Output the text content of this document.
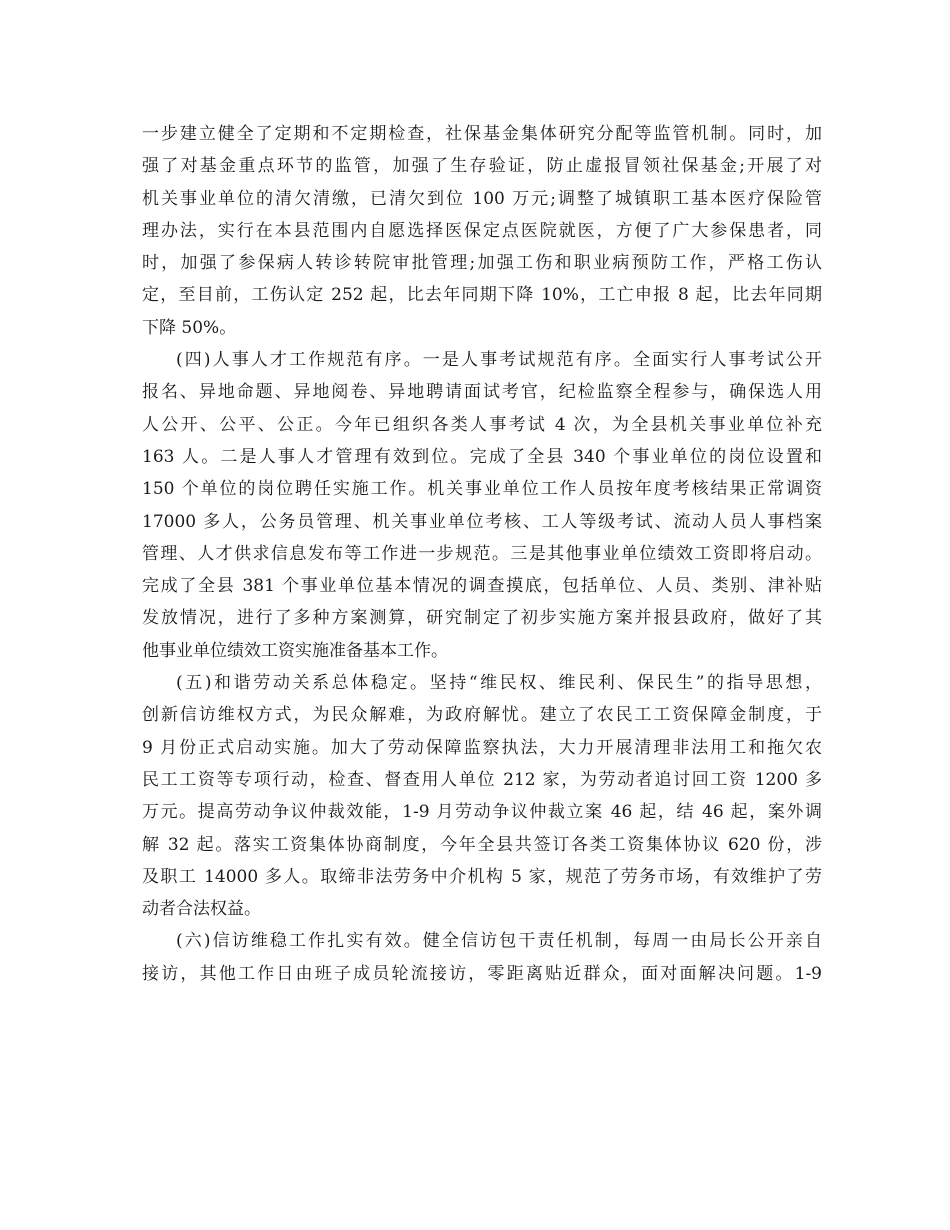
一步建立健全了定期和不定期检查，社保基金集体研究分配等监管机制。同时，加
强了对基金重点环节的监管，加强了生存验证，防止虚报冒领社保基金;开展了对
机关事业单位的清欠清缴，已清欠到位 100 万元;调整了城镇职工基本医疗保险管
理办法，实行在本县范围内自愿选择医保定点医院就医，方便了广大参保患者，同
时，加强了参保病人转诊转院审批管理;加强工伤和职业病预防工作，严格工伤认
定，至目前，工伤认定 252 起，比去年同期下降 10%，工亡申报 8 起，比去年同期
下降 50%。
(四)人事人才工作规范有序。一是人事考试规范有序。全面实行人事考试公开
报名、异地命题、异地阅卷、异地聘请面试考官，纪检监察全程参与，确保选人用
人公开、公平、公正。今年已组织各类人事考试 4 次，为全县机关事业单位补充
163 人。二是人事人才管理有效到位。完成了全县 340 个事业单位的岗位设置和
150 个单位的岗位聘任实施工作。机关事业单位工作人员按年度考核结果正常调资
17000 多人，公务员管理、机关事业单位考核、工人等级考试、流动人员人事档案
管理、人才供求信息发布等工作进一步规范。三是其他事业单位绩效工资即将启动。
完成了全县 381 个事业单位基本情况的调查摸底，包括单位、人员、类别、津补贴
发放情况，进行了多种方案测算，研究制定了初步实施方案并报县政府，做好了其
他事业单位绩效工资实施准备基本工作。
(五)和谐劳动关系总体稳定。坚持“维民权、维民利、保民生”的指导思想，
创新信访维权方式，为民众解难，为政府解忧。建立了农民工工资保障金制度，于
9 月份正式启动实施。加大了劳动保障监察执法，大力开展清理非法用工和拖欠农
民工工资等专项行动，检查、督查用人单位 212 家，为劳动者追讨回工资 1200 多
万元。提高劳动争议仲裁效能，1-9 月劳动争议仲裁立案 46 起，结 46 起，案外调
解 32 起。落实工资集体协商制度，今年全县共签订各类工资集体协议 620 份，涉
及职工 14000 多人。取缔非法劳务中介机构 5 家，规范了劳务市场，有效维护了劳
动者合法权益。
(六)信访维稳工作扎实有效。健全信访包干责任机制，每周一由局长公开亲自
接访，其他工作日由班子成员轮流接访，零距离贴近群众，面对面解决问题。1-9
